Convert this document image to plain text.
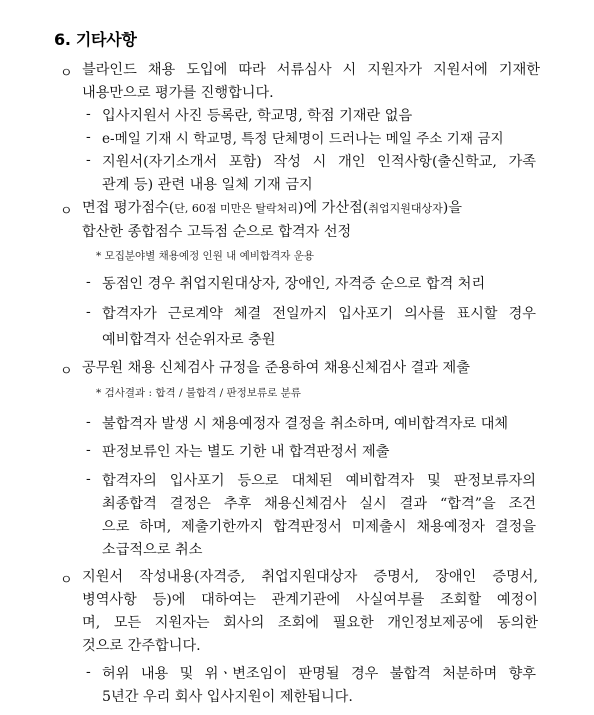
6. 기타사항
ㅇ 블라인드 채용 도입에 따라 서류심사 시 지원자가 지원서에 기재한
내용만으로 평가를 진행합니다.
- 입사지원서 사진 등록란, 학교명, 학점 기재란 없음
- e-메일 기재 시 학교명, 특정 단체명이 드러나는 메일 주소 기재 금지
- 지원서(자기소개서 포함) 작성 시 개인 인적사항(출신학교, 가족
관계 등) 관련 내용 일체 기재 금지
ㅇ 면접 평가점수(단, 60점 미만은 탈락처리)에 가산점(취업지원대상자)을
합산한 종합점수 고득점 순으로 합격자 선정
* 모집분야별 채용예정 인원 내 예비합격자 운용
- 동점인 경우 취업지원대상자, 장애인, 자격증 순으로 합격 처리
- 합격자가 근로계약 체결 전일까지 입사포기 의사를 표시할 경우
예비합격자 선순위자로 충원
ㅇ 공무원 채용 신체검사 규정을 준용하여 채용신체검사 결과 제출
* 검사결과 : 합격 / 불합격 / 판정보류로 분류
- 불합격자 발생 시 채용예정자 결정을 취소하며, 예비합격자로 대체
- 판정보류인 자는 별도 기한 내 합격판정서 제출
- 합격자의 입사포기 등으로 대체된 예비합격자 및 판정보류자의
최종합격 결정은 추후 채용신체검사 실시 결과 “합격”을 조건
으로 하며, 제출기한까지 합격판정서 미제출시 채용예정자 결정을
소급적으로 취소
ㅇ 지원서 작성내용(자격증, 취업지원대상자 증명서, 장애인 증명서,
병역사항 등)에 대하여는 관계기관에 사실여부를 조회할 예정이
며, 모든 지원자는 회사의 조회에 필요한 개인정보제공에 동의한
것으로 간주합니다.
- 허위 내용 및 위ㆍ변조임이 판명될 경우 불합격 처분하며 향후
5년간 우리 회사 입사지원이 제한됩니다.
